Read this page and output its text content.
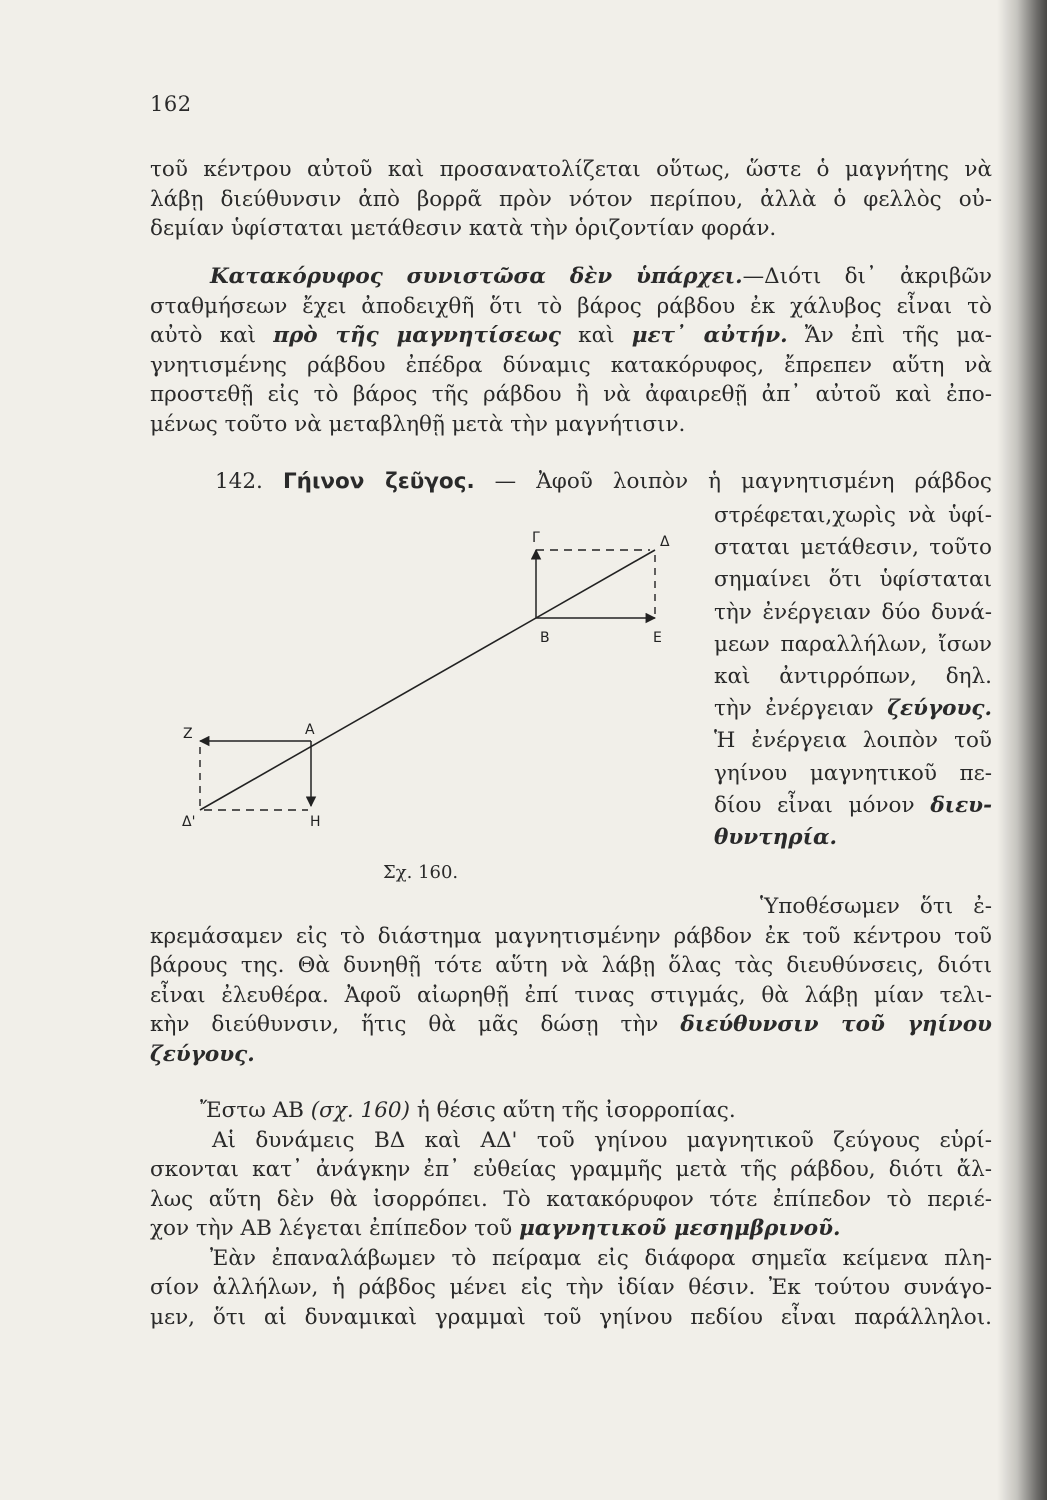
162
τοῦ κέντρου αὐτοῦ καὶ προσανατολίζεται οὕτως, ὥστε ὁ μαγνήτης νὰ
λάβῃ διεύθυνσιν ἀπὸ βορρᾶ πρὸν νότον περίπου, ἀλλὰ ὁ φελλὸς οὐ-
δεμίαν ὑφίσταται μετάθεσιν κατὰ τὴν ὁριζοντίαν φοράν.
Κατακόρυφος συνιστῶσα δὲν ὑπάρχει.—Διότι δι᾿ ἀκριβῶν
σταθμήσεων ἔχει ἀποδειχθῆ ὅτι τὸ βάρος ράβδου ἐκ χάλυβος εἶναι τὸ
αὐτὸ καὶ πρὸ τῆς μαγνητίσεως καὶ μετ᾿ αὐτήν. Ἄν ἐπὶ τῆς μα-
γνητισμένης ράβδου ἐπέδρα δύναμις κατακόρυφος, ἔπρεπεν αὕτη νὰ
προστεθῇ εἰς τὸ βάρος τῆς ράβδου ἢ νὰ ἀφαιρεθῇ ἀπ᾿ αὐτοῦ καὶ ἐπο-
μένως τοῦτο νὰ μεταβληθῇ μετὰ τὴν μαγνήτισιν.
142. Γήινον ζεῦγος. — Ἀφοῦ λοιπὸν ἡ μαγνητισμένη ράβδος
στρέφεται,χωρὶς νὰ ὑφί-
σταται μετάθεσιν, τοῦτο
σημαίνει ὅτι ὑφίσταται
τὴν ἐνέργειαν δύο δυνά-
μεων παραλλήλων, ἴσων
καὶ ἀντιρρόπων, δηλ.
τὴν ἐνέργειαν ζεύγους.
Ἡ ἐνέργεια λοιπὸν τοῦ
γηίνου μαγνητικοῦ πε-
δίου εἶναι μόνον διευ-
θυντηρία.
Γ	Δ
B	E
A
Z
Δ'	H
Σχ. 160.
Ὑποθέσωμεν ὅτι ἐ-
κρεμάσαμεν εἰς τὸ διάστημα μαγνητισμένην ράβδον ἐκ τοῦ κέντρου τοῦ
βάρους της. Θὰ δυνηθῇ τότε αὕτη νὰ λάβῃ ὅλας τὰς διευθύνσεις, διότι
εἶναι ἐλευθέρα. Ἀφοῦ αἰωρηθῇ ἐπί τινας στιγμάς, θὰ λάβῃ μίαν τελι-
κὴν διεύθυνσιν, ἥτις θὰ μᾶς δώσῃ τὴν διεύθυνσιν τοῦ γηίνου
ζεύγους.
Ἔστω AB (σχ. 160) ἡ θέσις αὕτη τῆς ἰσορροπίας.
Αἱ δυνάμεις ΒΔ καὶ ΑΔ' τοῦ γηίνου μαγνητικοῦ ζεύγους εὑρί-
σκονται κατ᾿ ἀνάγκην ἐπ᾿ εὐθείας γραμμῆς μετὰ τῆς ράβδου, διότι ἄλ-
λως αὕτη δὲν θὰ ἰσορρόπει. Τὸ κατακόρυφον τότε ἐπίπεδον τὸ περιέ-
χον τὴν AB λέγεται ἐπίπεδον τοῦ μαγνητικοῦ μεσημβρινοῦ.
Ἐὰν ἐπαναλάβωμεν τὸ πείραμα εἰς διάφορα σημεῖα κείμενα πλη-
σίον ἀλλήλων, ἡ ράβδος μένει εἰς τὴν ἰδίαν θέσιν. Ἐκ τούτου συνάγο-
μεν, ὅτι αἱ δυναμικαὶ γραμμαὶ τοῦ γηίνου πεδίου εἶναι παράλληλοι.
